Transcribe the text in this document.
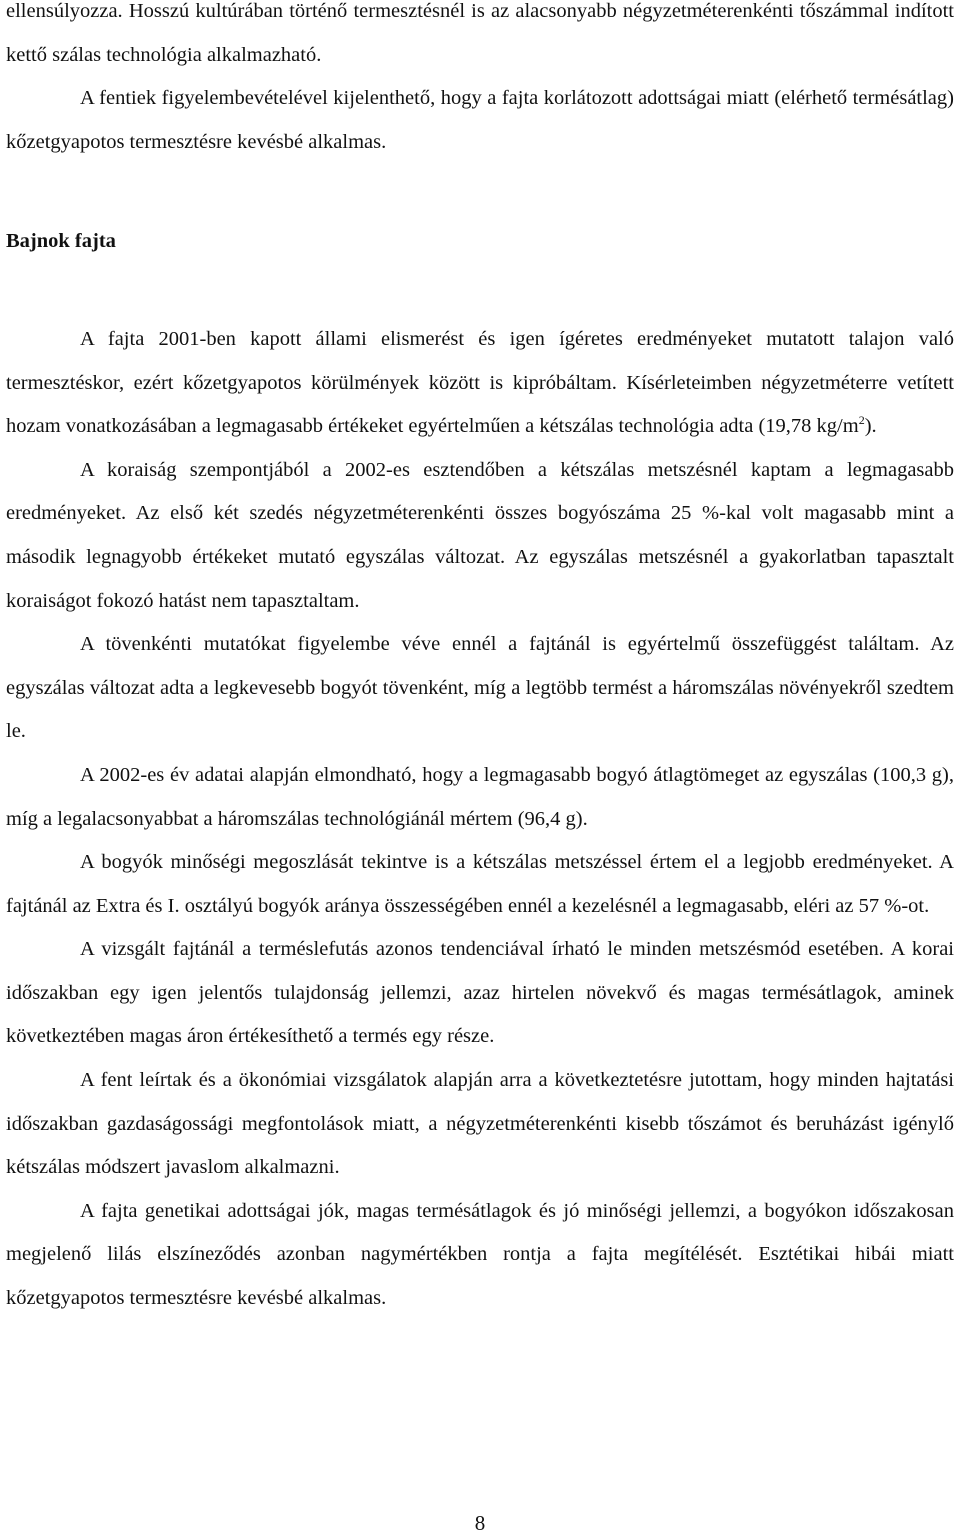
ellensúlyozza. Hosszú kultúrában történő termesztésnél is az alacsonyabb négyzetméterenkénti tőszámmal indított kettő szálas technológia alkalmazható.

A fentiek figyelembevételével kijelenthető, hogy a fajta korlátozott adottságai miatt (elérhető termésátlag) kőzetgyapotos termesztésre kevésbé alkalmas.

Bajnok fajta

A fajta 2001-ben kapott állami elismerést és igen ígéretes eredményeket mutatott talajon való termesztéskor, ezért kőzetgyapotos körülmények között is kipróbáltam. Kísérleteimben négyzetméterre vetített hozam vonatkozásában a legmagasabb értékeket egyértelműen a kétszálas technológia adta (19,78 $kg/m^2$).

A koraiság szempontjából a 2002-es esztendőben a kétszálas metszésnél kaptam a legmagasabb eredményeket. Az első két szedés négyzetméterenkénti összes bogyószáma 25 %-kal volt magasabb mint a második legnagyobb értékeket mutató egyszálas változat. Az egyszálas metszésnél a gyakorlatban tapasztalt koraiságot fokozó hatást nem tapasztaltam.

A tövenkénti mutatókat figyelembe véve ennél a fajtánál is egyértelmű összefüggést találtam. Az egyszálas változat adta a legkevesebb bogyót tövenként, míg a legtöbb termést a háromszálas növényekről szedtem le.

A 2002-es év adatai alapján elmondható, hogy a legmagasabb bogyó átlagtömeget az egyszálas (100,3 g), míg a legalacsonyabbat a háromszálas technológiánál mértem (96,4 g).

A bogyók minőségi megoszlását tekintve is a kétszálas metszéssel értem el a legjobb eredményeket. A fajtánál az Extra és I. osztályú bogyók aránya összességében ennél a kezelésnél a legmagasabb, eléri az 57 %-ot.

A vizsgált fajtánál a terméslefutás azonos tendenciával írható le minden metszésmód esetében. A korai időszakban egy igen jelentős tulajdonság jellemzi, azaz hirtelen növekvő és magas termésátlagok, aminek következtében magas áron értékesíthető a termés egy része.

A fent leírtak és a ökonómiai vizsgálatok alapján arra a következtetésre jutottam, hogy minden hajtatási időszakban gazdaságossági megfontolások miatt, a négyzetméterenkénti kisebb tőszámot és beruházást igénylő kétszálas módszert javaslom alkalmazni.

A fajta genetikai adottságai jók, magas termésátlagok és jó minőségi jellemzi, a bogyókon időszakosan megjelenő lilás elszíneződés azonban nagymértékben rontja a fajta megítélését. Esztétikai hibái miatt kőzetgyapotos termesztésre kevésbé alkalmas.

8
